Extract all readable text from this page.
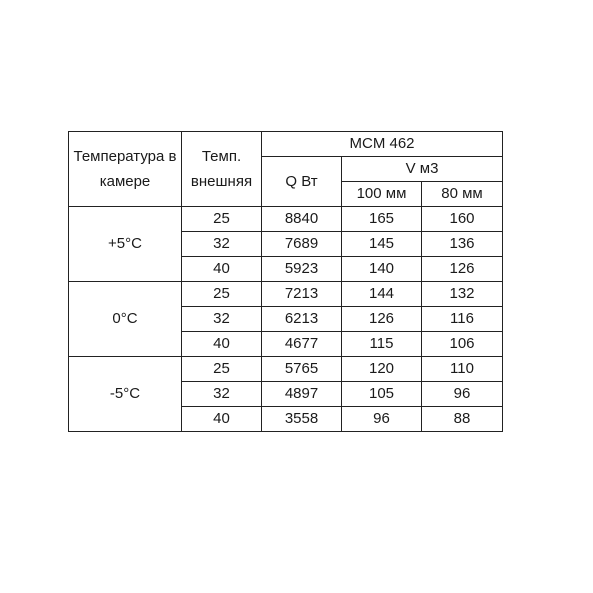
Температура в камере	Темп. внешняя	MCM 462		
		Q Вт	V м3	
			100 мм	80 мм
+5°C	25	8840	165	160
	32	7689	145	136
	40	5923	140	126
0°C	25	7213	144	132
	32	6213	126	116
	40	4677	115	106
-5°C	25	5765	120	110
	32	4897	105	96
	40	3558	96	88
